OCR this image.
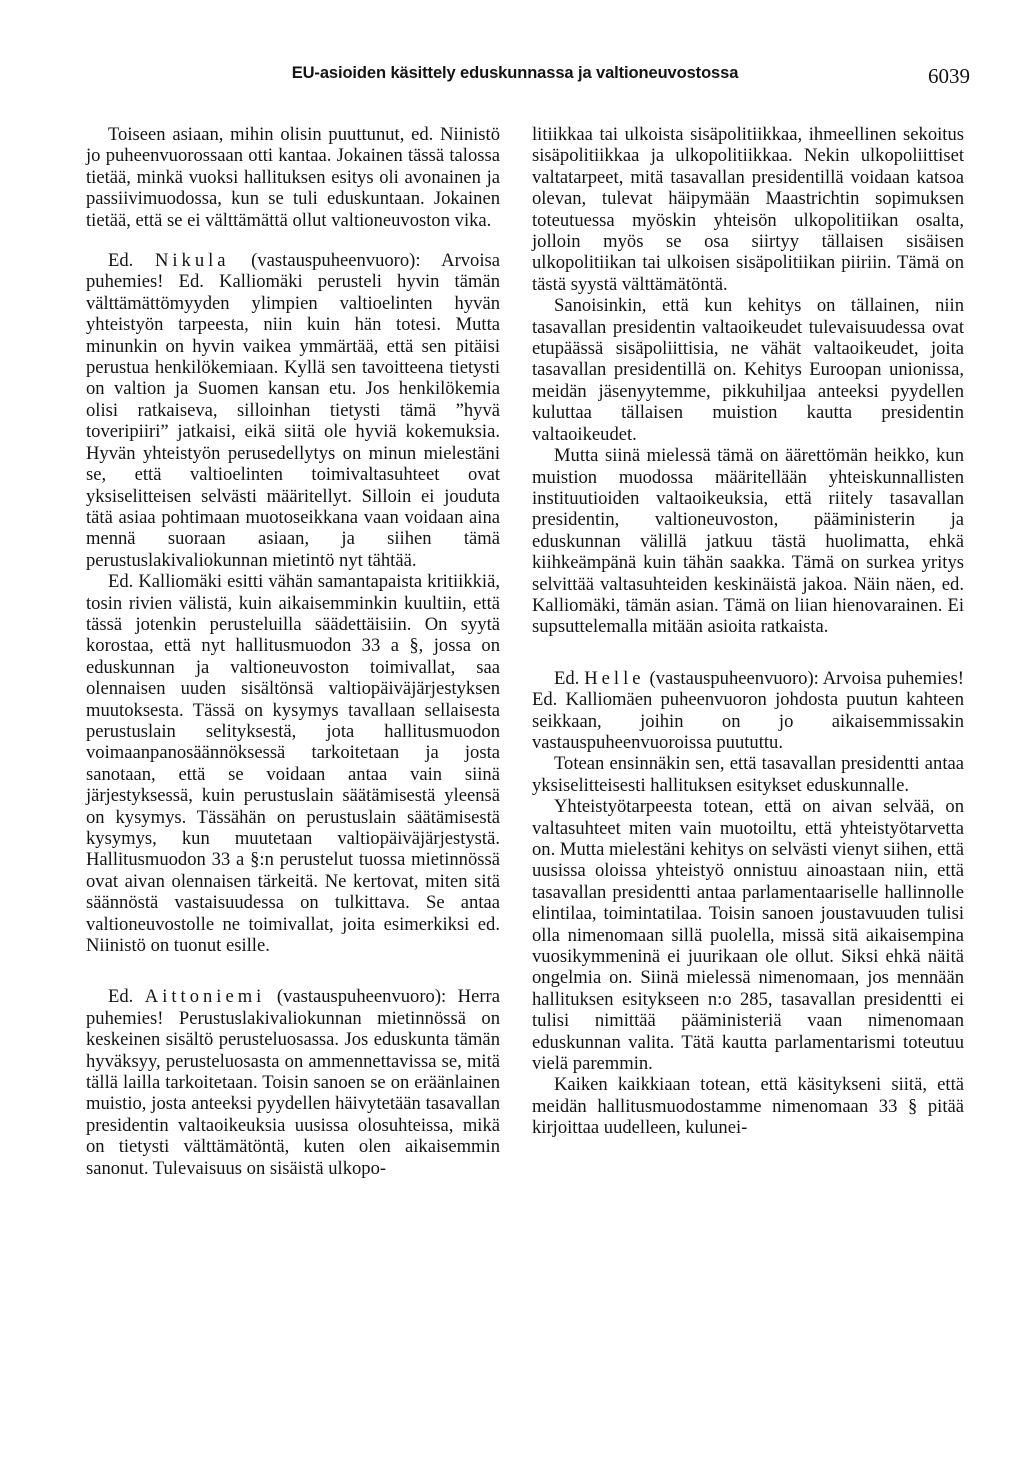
EU-asioiden käsittely eduskunnassa ja valtioneuvostossa	6039

Toiseen asiaan, mihin olisin puuttunut, ed. Niinistö jo puheenvuorossaan otti kantaa. Jokainen tässä talossa tietää, minkä vuoksi hallituksen esitys oli avonainen ja passiivimuodossa, kun se tuli eduskuntaan. Jokainen tietää, että se ei välttämättä ollut valtioneuvoston vika.

Ed. Nikula (vastauspuheenvuoro): Arvoisa puhemies! Ed. Kalliomäki perusteli hyvin tämän välttämättömyyden ylimpien valtioelinten hyvän yhteistyön tarpeesta, niin kuin hän totesi. Mutta minunkin on hyvin vaikea ymmärtää, että sen pitäisi perustua henkilökemiaan. Kyllä sen tavoitteena tietysti on valtion ja Suomen kansan etu. Jos henkilökemia olisi ratkaiseva, silloinhan tietysti tämä ”hyvä toveripiiri” jatkaisi, eikä siitä ole hyviä kokemuksia. Hyvän yhteistyön perusedellytys on minun mielestäni se, että valtioelinten toimivaltasuhteet ovat yksiselitteisen selvästi määritellyt. Silloin ei jouduta tätä asiaa pohtimaan muotoseikkana vaan voidaan aina mennä suoraan asiaan, ja siihen tämä perustuslakivaliokunnan mietintö nyt tähtää.

Ed. Kalliomäki esitti vähän samantapaista kritiikkiä, tosin rivien välistä, kuin aikaisemminkin kuultiin, että tässä jotenkin perusteluilla säädettäisiin. On syytä korostaa, että nyt hallitusmuodon 33 a §, jossa on eduskunnan ja valtioneuvoston toimivallat, saa olennaisen uuden sisältönsä valtiopäiväjärjestyksen muutoksesta. Tässä on kysymys tavallaan sellaisesta perustuslain selityksestä, jota hallitusmuodon voimaanpanosäännöksessä tarkoitetaan ja josta sanotaan, että se voidaan antaa vain siinä järjestyksessä, kuin perustuslain säätämisestä yleensä on kysymys. Tässähän on perustuslain säätämisestä kysymys, kun muutetaan valtiopäiväjärjestystä. Hallitusmuodon 33 a §:n perustelut tuossa mietinnössä ovat aivan olennaisen tärkeitä. Ne kertovat, miten sitä säännöstä vastaisuudessa on tulkittava. Se antaa valtioneuvostolle ne toimivallat, joita esimerkiksi ed. Niinistö on tuonut esille.

Ed. Aittoniemi (vastauspuheenvuoro): Herra puhemies! Perustuslakivaliokunnan mietinnössä on keskeinen sisältö perusteluosassa. Jos eduskunta tämän hyväksyy, perusteluosasta on ammennettavissa se, mitä tällä lailla tarkoitetaan. Toisin sanoen se on eräänlainen muistio, josta anteeksi pyydellen häivytetään tasavallan presidentin valtaoikeuksia uusissa olosuhteissa, mikä on tietysti välttämätöntä, kuten olen aikaisemmin sanonut. Tulevaisuus on sisäistä ulkopo-

litiikkaa tai ulkoista sisäpolitiikkaa, ihmeellinen sekoitus sisäpolitiikkaa ja ulkopolitiikkaa. Nekin ulkopoliittiset valtatarpeet, mitä tasavallan presidentillä voidaan katsoa olevan, tulevat häipymään Maastrichtin sopimuksen toteutuessa myöskin yhteisön ulkopolitiikan osalta, jolloin myös se osa siirtyy tällaisen sisäisen ulkopolitiikan tai ulkoisen sisäpolitiikan piiriin. Tämä on tästä syystä välttämätöntä.

Sanoisinkin, että kun kehitys on tällainen, niin tasavallan presidentin valtaoikeudet tulevaisuudessa ovat etupäässä sisäpoliittisia, ne vähät valtaoikeudet, joita tasavallan presidentillä on. Kehitys Euroopan unionissa, meidän jäsenyytemme, pikkuhiljaa anteeksi pyydellen kuluttaa tällaisen muistion kautta presidentin valtaoikeudet.

Mutta siinä mielessä tämä on äärettömän heikko, kun muistion muodossa määritellään yhteiskunnallisten instituutioiden valtaoikeuksia, että riitely tasavallan presidentin, valtioneuvoston, pääministerin ja eduskunnan välillä jatkuu tästä huolimatta, ehkä kiihkeämpänä kuin tähän saakka. Tämä on surkea yritys selvittää valtasuhteiden keskinäistä jakoa. Näin näen, ed. Kalliomäki, tämän asian. Tämä on liian hienovarainen. Ei supsuttelemalla mitään asioita ratkaista.

Ed. Helle (vastauspuheenvuoro): Arvoisa puhemies! Ed. Kalliomäen puheenvuoron johdosta puutun kahteen seikkaan, joihin on jo aikaisemmissakin vastauspuheenvuoroissa puututtu.

Totean ensinnäkin sen, että tasavallan presidentti antaa yksiselitteisesti hallituksen esitykset eduskunnalle.

Yhteistyötarpeesta totean, että on aivan selvää, on valtasuhteet miten vain muotoiltu, että yhteistyötarvetta on. Mutta mielestäni kehitys on selvästi vienyt siihen, että uusissa oloissa yhteistyö onnistuu ainoastaan niin, että tasavallan presidentti antaa parlamentaariselle hallinnolle elintilaa, toimintatilaa. Toisin sanoen joustavuuden tulisi olla nimenomaan sillä puolella, missä sitä aikaisempina vuosikymmeninä ei juurikaan ole ollut. Siksi ehkä näitä ongelmia on. Siinä mielessä nimenomaan, jos mennään hallituksen esitykseen n:o 285, tasavallan presidentti ei tulisi nimittää pääministeriä vaan nimenomaan eduskunnan valita. Tätä kautta parlamentarismi toteutuu vielä paremmin.

Kaiken kaikkiaan totean, että käsitykseni siitä, että meidän hallitusmuodostamme nimenomaan 33 § pitää kirjoittaa uudelleen, kulunei-
